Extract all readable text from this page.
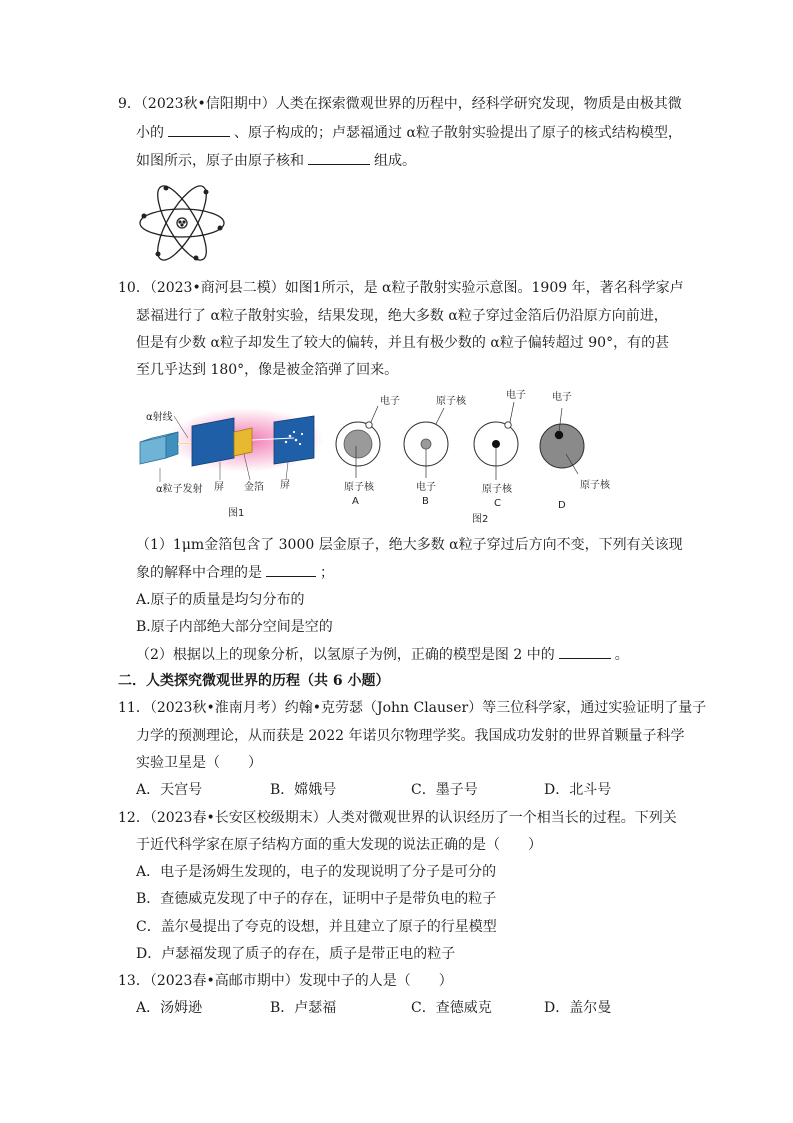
9．（2023秋•信阳期中）人类在探索微观世界的历程中，经科学研究发现，物质是由极其微
小的	、原子构成的；卢瑟福通过 α粒子散射实验提出了原子的核式结构模型，
如图所示，原子由原子核和	组成。
10．（2023•商河县二模）如图1所示，是 α粒子散射实验示意图。1909 年，著名科学家卢
瑟福进行了 α粒子散射实验，结果发现，绝大多数 α粒子穿过金箔后仍沿原方向前进，
但是有少数 α粒子却发生了较大的偏转，并且有极少数的 α粒子偏转超过 90°，有的甚
至几乎达到 180°，像是被金箔弹了回来。
α射线
α粒子发射 屏 金箔 屏
图1
电子
原子核
A
原子核
电子
B
电子
原子核
C
电子
原子核
D
图2
（1）1μm金箔包含了 3000 层金原子，绝大多数 α粒子穿过后方向不变，下列有关该现
象的解释中合理的是	；
A.原子的质量是均匀分布的
B.原子内部绝大部分空间是空的
（2）根据以上的现象分析，以氢原子为例，正确的模型是图 2 中的	。
二．人类探究微观世界的历程（共 6 小题）
11．（2023秋•淮南月考）约翰•克劳瑟（John Clauser）等三位科学家，通过实验证明了量子
力学的预测理论，从而获是 2022 年诺贝尔物理学奖。我国成功发射的世界首颗量子科学
实验卫星是（　　）
A．天宫号	B．嫦娥号	C．墨子号	D．北斗号
12．（2023春•长安区校级期末）人类对微观世界的认识经历了一个相当长的过程。下列关
于近代科学家在原子结构方面的重大发现的说法正确的是（　　）
A．电子是汤姆生发现的，电子的发现说明了分子是可分的
B．查德威克发现了中子的存在，证明中子是带负电的粒子
C．盖尔曼提出了夸克的设想，并且建立了原子的行星模型
D．卢瑟福发现了质子的存在，质子是带正电的粒子
13．（2023春•高邮市期中）发现中子的人是（　　）
A．汤姆逊	B．卢瑟福	C．查德威克	D．盖尔曼
